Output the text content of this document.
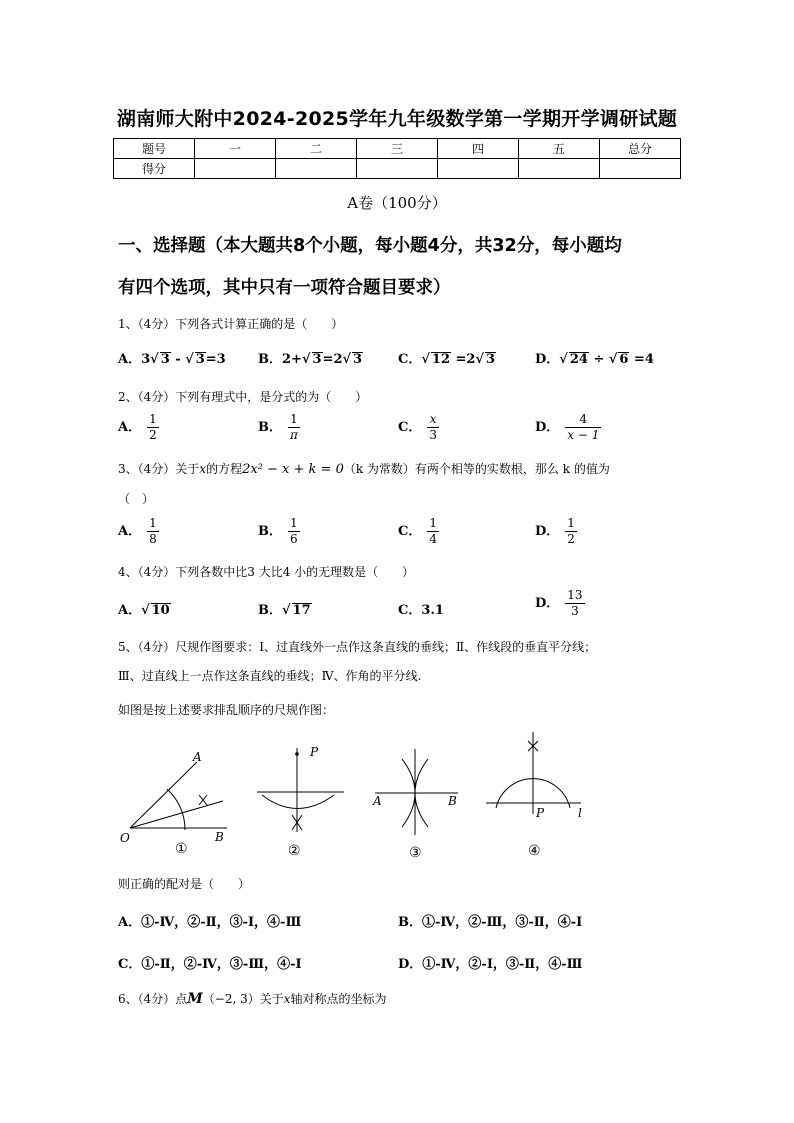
湖南师大附中2024-2025学年九年级数学第一学期开学调研试题
题号	一	二	三	四	五	总分
得分						
A卷（100分）
一、选择题（本大题共8个小题，每小题4分，共32分，每小题均
有四个选项，其中只有一项符合题目要求）
1、（4分）下列各式计算正确的是（　　）
A．3√ 3 - √ 3=3 B．2+√ 3=2√ 3	C．√ 12 =2√ 3	D．√ 24 ÷ √ 6 =4
2、（4分）下列有理式中，是分式的为（　　）
A． $\frac{1}{2}$	B． $\frac{1}{\pi}$	C． $\frac{x}{3}$	D． $\frac{4}{x - 1}$
3、（4分）关于x的方程2x² − x + k = 0（k 为常数）有两个相等的实数根，那么 k 的值为
（　）
A． $\frac{1}{8}$	B． $\frac{1}{6}$	C． $\frac{1}{4}$	D． $\frac{1}{2}$
4、（4分）下列各数中比3 大比4 小的无理数是（　　）
A．√ 10	B．√ 17	C．3.1	D． $\frac{13}{3}$
5、（4分）尺规作图要求：Ⅰ、过直线外一点作这条直线的垂线；Ⅱ、作线段的垂直平分线；
Ⅲ、过直线上一点作这条直线的垂线；Ⅳ、作角的平分线.
如图是按上述要求排乱顺序的尺规作图：
A
O	B
①
P
②
A	B
③
P	l
④
则正确的配对是（　　）
A．①-Ⅳ，②-Ⅱ，③-Ⅰ，④-Ⅲ	B．①-Ⅳ，②-Ⅲ，③-Ⅱ，④-Ⅰ
C．①-Ⅱ，②-Ⅳ，③-Ⅲ，④-Ⅰ	D．①-Ⅳ，②-Ⅰ，③-Ⅱ，④-Ⅲ
6、（4分）点M（−2, 3）关于x轴对称点的坐标为
